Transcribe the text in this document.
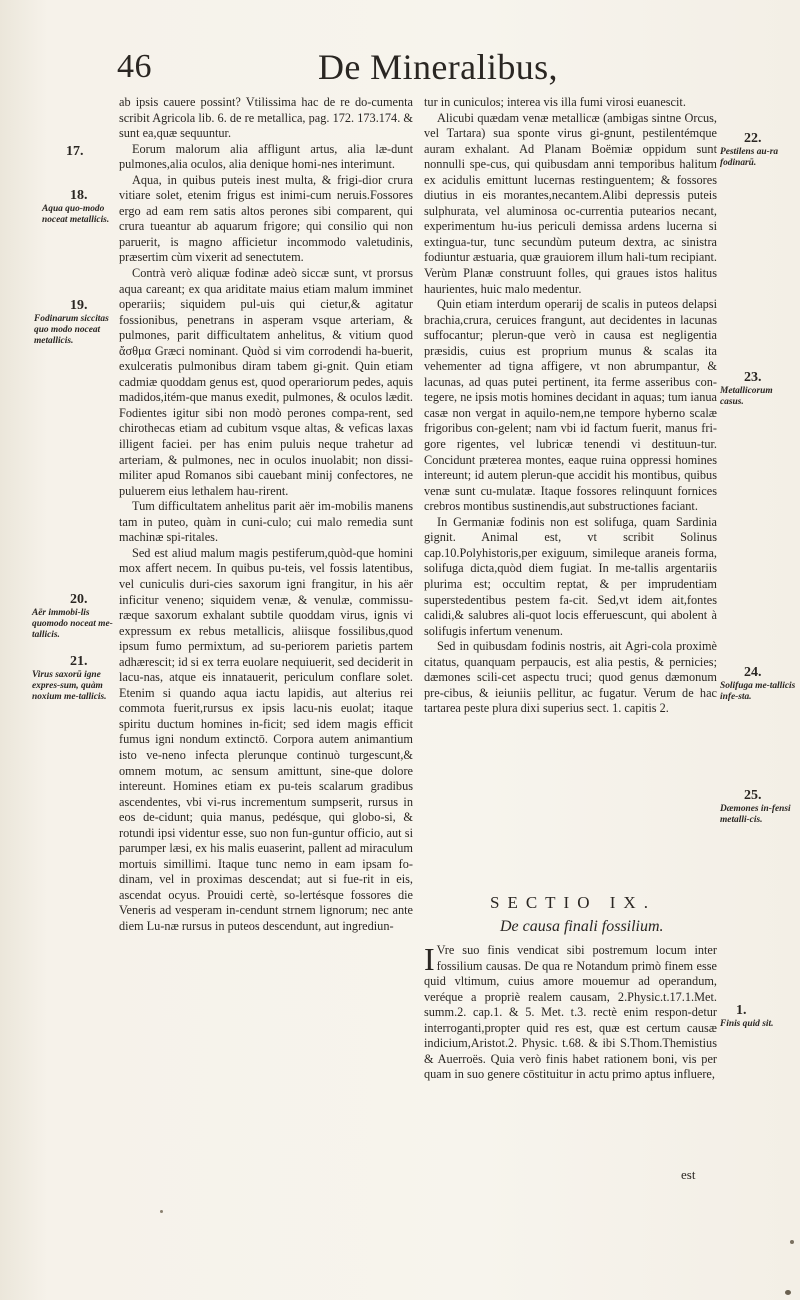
46	De Mineralibus,
17.
18.
Aqua quo-modo noceat metallicis.
19.
Fodinarum siccitas quo modo noceat metallicis.
20.
Aër immobi-lis quomodo noceat me-tallicis.
21.
Virus saxorū igne expres-sum, quàm noxium me-tallicis.

ab ipsis cauere possint? Vtilissima hac de re do-cumenta scribit Agricola lib. 6. de re metallica, pag. 172. 173.174. & sunt ea,quæ sequuntur.

Eorum malorum alia affligunt artus, alia læ-dunt pulmones,alia oculos, alia denique homi-nes interimunt.

Aqua, in quibus puteis inest multa, & frigi-dior crura vitiare solet, etenim frigus est inimi-cum neruis.Fossores ergo ad eam rem satis altos perones sibi comparent, qui crura tueantur ab aquarum frigore; qui consilio qui non paruerit, is magno afficietur incommodo valetudinis, præsertim cùm vixerit ad senectutem.

Contrà verò aliquæ fodinæ adeò siccæ sunt, vt prorsus aqua careant; ex qua ariditate maius etiam malum imminet operariis; siquidem pul-uis qui cietur,& agitatur fossionibus, penetrans in asperam vsque arteriam, & pulmones, parit difficultatem anhelitus, & vitium quod ἄσθμα Græci nominant. Quòd si vim corrodendi ha-buerit, exulceratis pulmonibus diram tabem gi-gnit. Quin etiam cadmiæ quoddam genus est, quod operariorum pedes, aquis madidos,itém-que manus exedit, pulmones, & oculos lædit. Fodientes igitur sibi non modò perones compa-rent, sed chirothecas etiam ad cubitum vsque altas, & veficas laxas illigent faciei. per has enim puluis neque trahetur ad arteriam, & pulmones, nec in oculos inuolabit; non dissi-militer apud Romanos sibi cauebant minij confectores, ne puluerem eius lethalem hau-rirent.

Tum difficultatem anhelitus parit aër im-mobilis manens tam in puteo, quàm in cuni-culo; cui malo remedia sunt machinæ spi-ritales.

Sed est aliud malum magis pestiferum,quòd-que homini mox affert necem. In quibus pu-teis, vel fossis latentibus, vel cuniculis duri-cies saxorum igni frangitur, in his aër inficitur veneno; siquidem venæ, & venulæ, commissu-ræque saxorum exhalant subtile quoddam virus, ignis vi expressum ex rebus metallicis, aliisque fossilibus,quod ipsum fumo permixtum, ad su-periorem parietis partem adhærescit; id si ex terra euolare nequiuerit, sed deciderit in lacu-nas, atque eis innatauerit, periculum conflare solet. Etenim si quando aqua iactu lapidis, aut alterius rei commota fuerit,rursus ex ipsis lacu-nis euolat; itaque spiritu ductum homines in-ficit; sed idem magis efficit fumus igni nondum extinctō. Corpora autem animantium isto ve-neno infecta plerunque continuò turgescunt,& omnem motum, ac sensum amittunt, sine-que dolore intereunt. Homines etiam ex pu-teis scalarum gradibus ascendentes, vbi vi-rus incrementum sumpserit, rursus in eos de-cidunt; quia manus, pedésque, qui globo-si, & rotundi ipsi videntur esse, suo non fun-guntur officio, aut si parumper læsi, ex his malis euaserint, pallent ad miraculum mortuis simillimi. Itaque tunc nemo in eam ipsam fo-dinam, vel in proximas descendat; aut si fue-rit in eis, ascendat ocyus. Prouidi certè, so-lertésque fossores die Veneris ad vesperam in-cendunt strnem lignorum; nec ante diem Lu-næ rursus in puteos descendunt, aut ingrediun-

tur in cuniculos; interea vis illa fumi virosi euanescit.

Alicubi quædam venæ metallicæ (ambigas sintne Orcus, vel Tartara) sua sponte virus gi-gnunt, pestilentémque auram exhalant. Ad Planam Boëmiæ oppidum sunt nonnulli spe-cus, qui quibusdam anni temporibus halitum ex acidulis emittunt lucernas restinguentem; & fossores diutius in eis morantes,necantem.Alibi depressis puteis sulphurata, vel aluminosa oc-currentia putearios necant, experimentum hu-ius periculi demissa ardens lucerna si extingua-tur, tunc secundùm puteum dextra, ac sinistra fodiuntur æstuaria, quæ grauiorem illum hali-tum recipiant. Verùm Planæ construunt folles, qui graues istos halitus haurientes, huic malo medentur.

Quin etiam interdum operarij de scalis in puteos delapsi brachia,crura, ceruices frangunt, aut decidentes in lacunas suffocantur; plerun-que verò in causa est negligentia præsidis, cuius est proprium munus & scalas ita vehementer ad tigna affigere, vt non abrumpantur, & lacunas, ad quas putei pertinent, ita ferme asseribus con-tegere, ne ipsis motis homines decidant in aquas; tum ianua casæ non vergat in aquilo-nem,ne tempore hyberno scalæ frigoribus con-gelent; nam vbi id factum fuerit, manus fri-gore rigentes, vel lubricæ tenendi vi destituun-tur. Concidunt præterea montes, eaque ruina oppressi homines intereunt; id autem plerun-que accidit his montibus, quibus venæ sunt cu-mulatæ. Itaque fossores relinquunt fornices crebros montibus sustinendis,aut substructiones faciant.

In Germaniæ fodinis non est solifuga, quam Sardinia gignit. Animal est, vt scribit Solinus cap.10.Polyhistoris,per exiguum, simileque araneis forma, solifuga dicta,quòd diem fugiat. In me-tallis argentariis plurima est; occultim reptat, & per imprudentiam superstedentibus pestem fa-cit. Sed,vt idem ait,fontes calidi,& salubres ali-quot locis efferuescunt, qui abolent à solifugis infertum venenum.

Sed in quibusdam fodinis nostris, ait Agri-cola proximè citatus, quanquam perpaucis, est alia pestis, & pernicies; dæmones scili-cet aspectu truci; quod genus dæmonum pre-cibus, & ieiuniis pellitur, ac fugatur. Verum de hac tartarea peste plura dixi superius sect. 1. capitis 2.

22.
Pestilens au-ra fodinarū.
23.
Metallicorum casus.
24.
Solifuga me-tallicis infe-sta.
25.
Dæmones in-fensi metalli-cis.
1.
Finis quid sit.
SECTIO IX.
De causa finali fossilium.
I Vre suo finis vendicat sibi postremum locum inter fossilium causas. De qua re Notandum primò finem esse quid vltimum, cuius amore mouemur ad operandum, veréque a propriè realem causam, 2.Physic.t.17.1.Met. summ.2. cap.1. & 5. Met. t.3. rectè enim respon-detur interroganti,propter quid res est, quæ est certum causæ indicium,Aristot.2. Physic. t.68. & ibi S.Thom.Themistius & Auerroës. Quia verò finis habet rationem boni, vis per quam in suo genere cōstituitur in actu primo aptus influere,
est
